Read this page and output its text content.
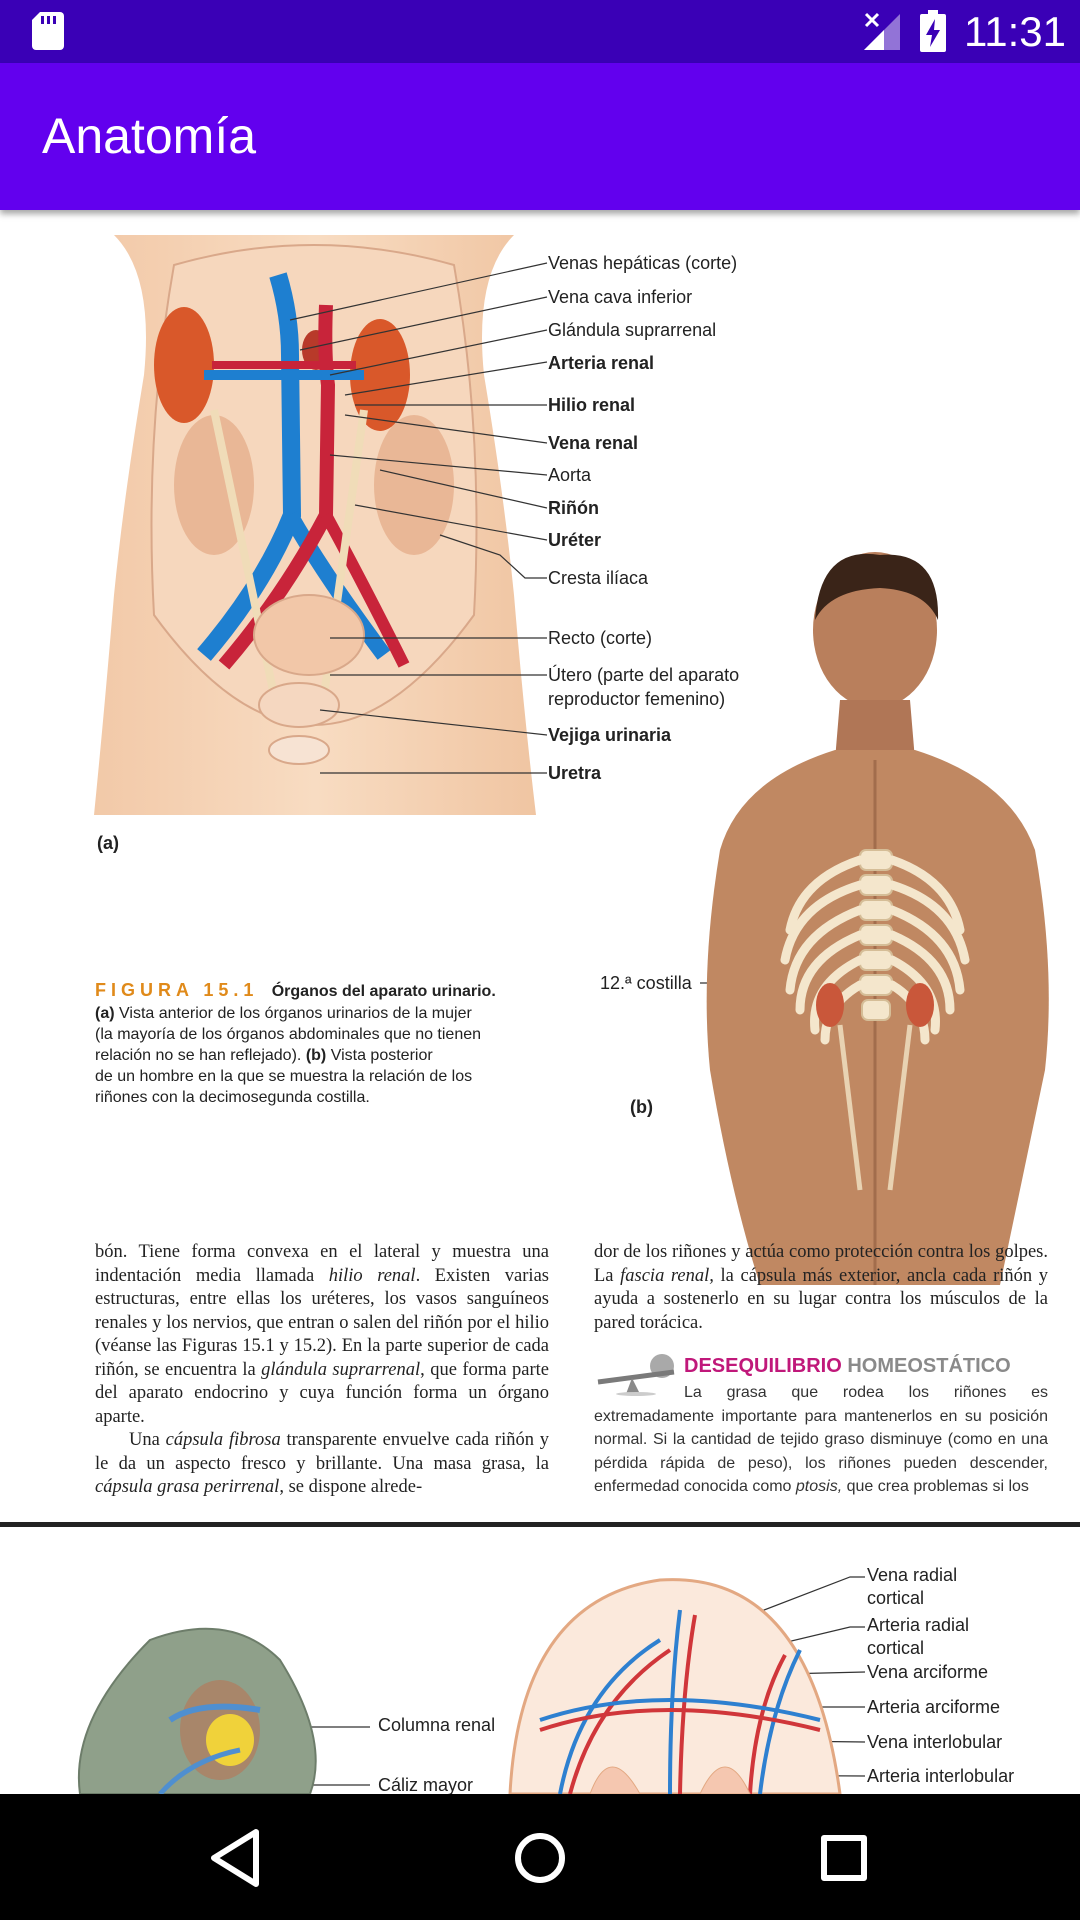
11:31
Anatomía
Venas hepáticas (corte)
Vena cava inferior
Glándula suprarrenal
Arteria renal
Hilio renal
Vena renal
Aorta
Riñón
Uréter
Cresta ilíaca
Recto (corte)
Útero (parte del aparato
reproductor femenino)
Vejiga urinaria
Uretra
(a)
12.ª costilla
(b)
FIGURA 15.1 Órganos del aparato urinario.
(a) Vista anterior de los órganos urinarios de la mujer
(la mayoría de los órganos abdominales que no tienen
relación no se han reflejado). (b) Vista posterior
de un hombre en la que se muestra la relación de los
riñones con la decimosegunda costilla.

bón. Tiene forma convexa en el lateral y muestra una indentación media llamada hilio renal. Existen varias estructuras, entre ellas los uréteres, los vasos sanguíneos renales y los nervios, que entran o salen del riñón por el hilio (véanse las Figuras 15.1 y 15.2). En la parte superior de cada riñón, se encuentra la glándula suprarrenal, que forma parte del aparato endocrino y cuya función forma un órgano aparte.

Una cápsula fibrosa transparente envuelve cada riñón y le da un aspecto fresco y brillante. Una masa grasa, la cápsula grasa perirrenal, se dispone alrede-

dor de los riñones y actúa como protección contra los golpes. La fascia renal, la cápsula más exterior, ancla cada riñón y ayuda a sostenerlo en su lugar contra los músculos de la pared torácica.

DESEQUILIBRIO HOMEOSTÁTICO
La grasa que rodea los riñones es extremadamente importante para mantenerlos en su posición normal. Si la cantidad de tejido graso disminuye (como en una pérdida rápida de peso), los riñones pueden descender, enfermedad conocida como ptosis, que crea problemas si los
Columna renal
Cáliz mayor
Vena radial
cortical
Arteria radial
cortical
Vena arciforme
Arteria arciforme
Vena interlobular
Arteria interlobular
